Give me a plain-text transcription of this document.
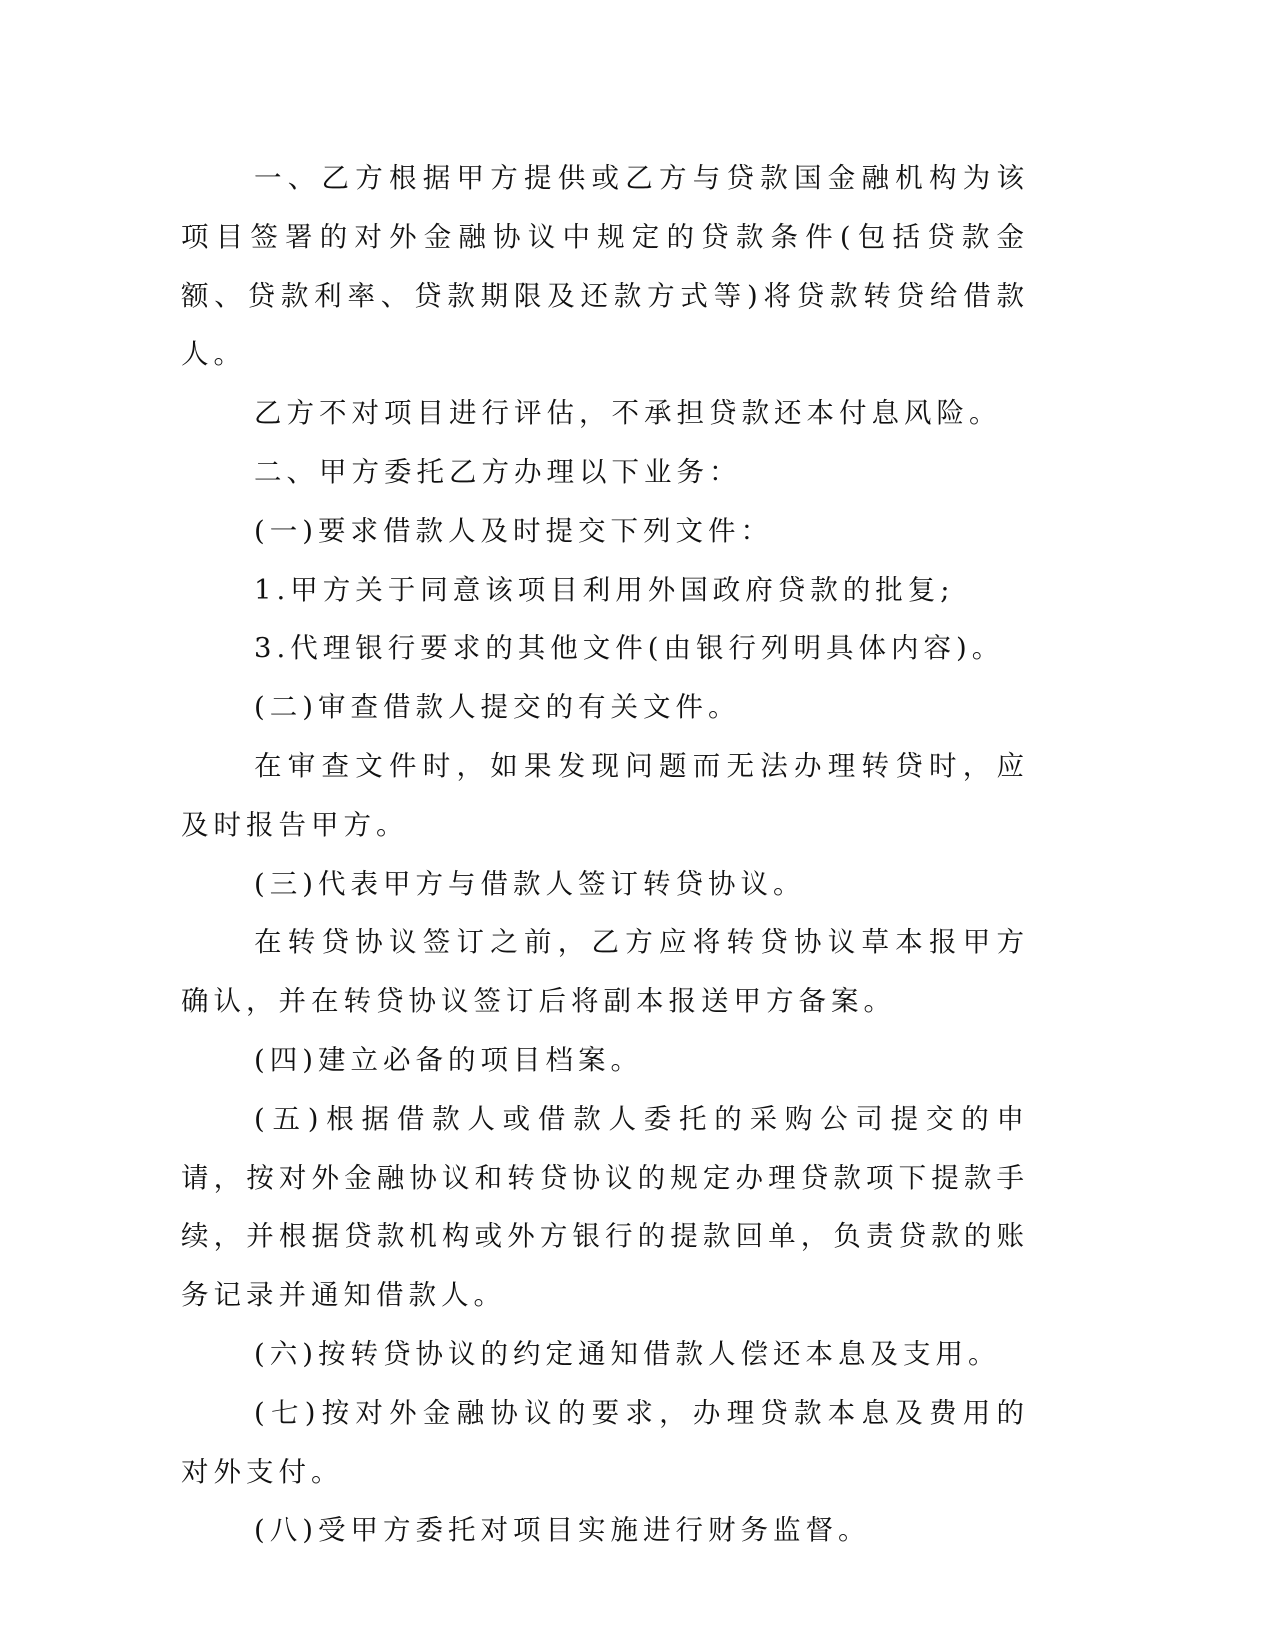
一、乙方根据甲方提供或乙方与贷款国金融机构为该项目签署的对外金融协议中规定的贷款条件(包括贷款金额、贷款利率、贷款期限及还款方式等)将贷款转贷给借款人。

乙方不对项目进行评估，不承担贷款还本付息风险。

二、甲方委托乙方办理以下业务：

(一)要求借款人及时提交下列文件：

1.甲方关于同意该项目利用外国政府贷款的批复;

3.代理银行要求的其他文件(由银行列明具体内容)。

(二)审查借款人提交的有关文件。

在审查文件时，如果发现问题而无法办理转贷时，应及时报告甲方。

(三)代表甲方与借款人签订转贷协议。

在转贷协议签订之前，乙方应将转贷协议草本报甲方确认，并在转贷协议签订后将副本报送甲方备案。

(四)建立必备的项目档案。

(五)根据借款人或借款人委托的采购公司提交的申请，按对外金融协议和转贷协议的规定办理贷款项下提款手续，并根据贷款机构或外方银行的提款回单，负责贷款的账务记录并通知借款人。

(六)按转贷协议的约定通知借款人偿还本息及支用。

(七)按对外金融协议的要求，办理贷款本息及费用的对外支付。

(八)受甲方委托对项目实施进行财务监督。
